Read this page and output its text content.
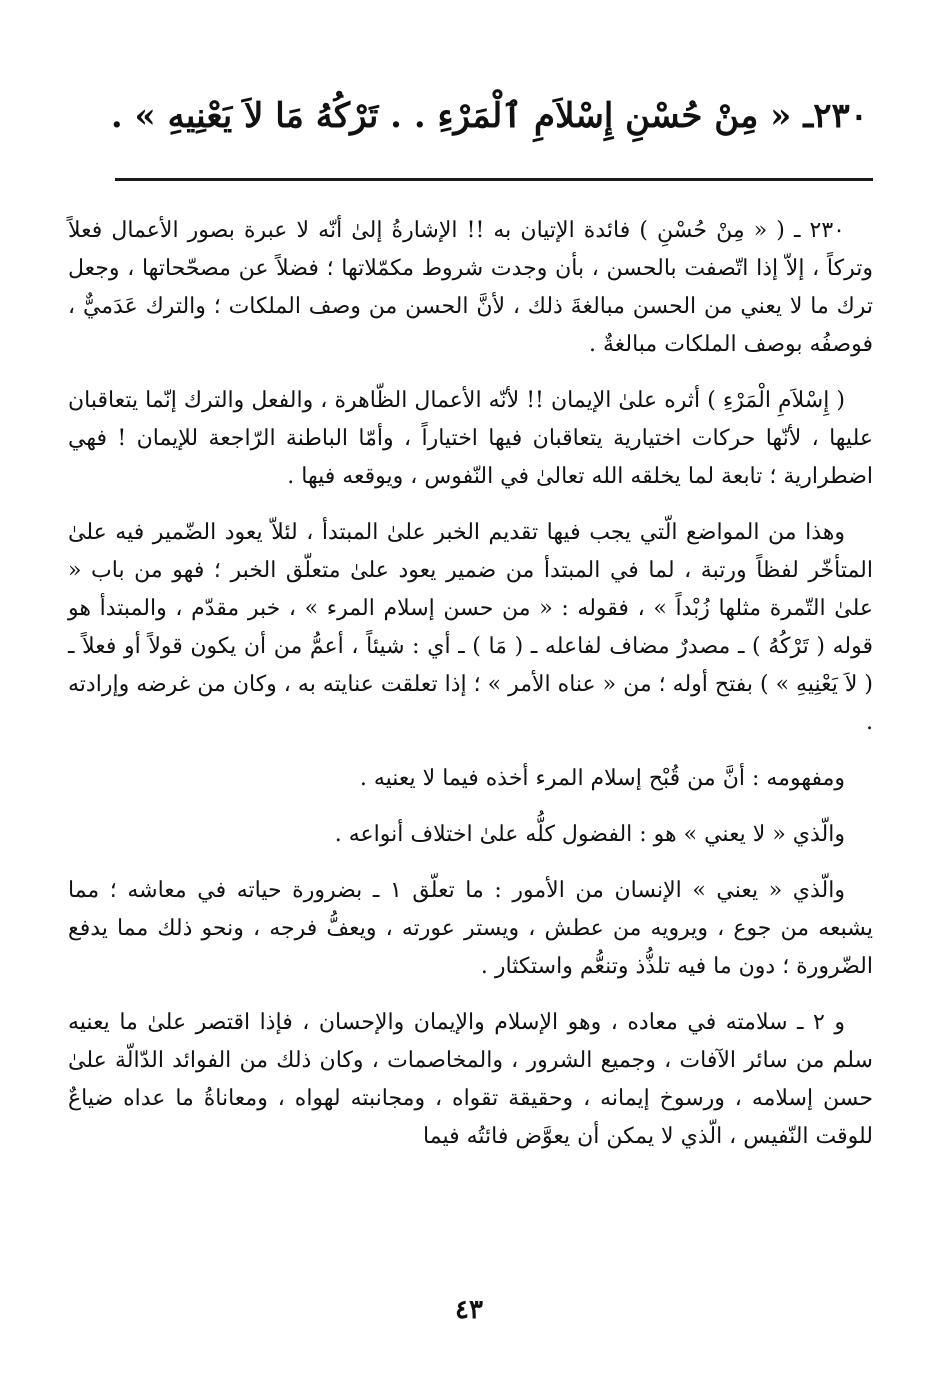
٢٣٠ـ « مِنْ حُسْنِ إِسْلاَمِ ٱلْمَرْءِ . . تَرْكُهُ مَا لاَ يَعْنِيهِ » .

٢٣٠ ـ ( « مِنْ حُسْنِ ) فائدة الإتيان به !! الإشارةُ إلىٰ أنّه لا عبرة بصور الأعمال فعلاً وتركاً ، إلاّ إذا اتّصفت بالحسن ، بأن وجدت شروط مكمّلاتها ؛ فضلاً عن مصحّحاتها ، وجعل ترك ما لا يعني من الحسن مبالغةَ ذلك ، لأنَّ الحسن من وصف الملكات ؛ والترك عَدَميٌّ ، فوصفُه بوصف الملكات مبالغةٌ .

( إِسْلاَمِ الْمَرْءِ ) أثره علىٰ الإيمان !! لأنّه الأعمال الظّاهرة ، والفعل والترك إنّما يتعاقبان عليها ، لأنّها حركات اختيارية يتعاقبان فيها اختياراً ، وأمّا الباطنة الرّاجعة للإيمان ! فهي اضطرارية ؛ تابعة لما يخلقه الله تعالىٰ في النّفوس ، ويوقعه فيها .

وهذا من المواضع الّتي يجب فيها تقديم الخبر علىٰ المبتدأ ، لئلاّ يعود الضّمير فيه علىٰ المتأخّر لفظاً ورتبة ، لما في المبتدأ من ضمير يعود علىٰ متعلّق الخبر ؛ فهو من باب « علىٰ التّمرة مثلها زُبْداً » ، فقوله : « من حسن إسلام المرء » ، خبر مقدّم ، والمبتدأ هو قوله ( تَرْكُهُ ) ـ مصدرٌ مضاف لفاعله ـ ( مَا ) ـ أي : شيئاً ، أعمُّ من أن يكون قولاً أو فعلاً ـ ( لاَ يَعْنِيهِ » ) بفتح أوله ؛ من « عناه الأمر » ؛ إذا تعلقت عنايته به ، وكان من غرضه وإرادته .

ومفهومه : أنَّ من قُبْح إسلام المرء أخذه فيما لا يعنيه .

والّذي « لا يعني » هو : الفضول كلُّه علىٰ اختلاف أنواعه .

والّذي « يعني » الإنسان من الأمور : ما تعلّق ١ ـ بضرورة حياته في معاشه ؛ مما يشبعه من جوع ، ويرويه من عطش ، ويستر عورته ، ويعفُّ فرجه ، ونحو ذلك مما يدفع الضّرورة ؛ دون ما فيه تلذُّذ وتنعُّم واستكثار .

و ٢ ـ سلامته في معاده ، وهو الإسلام والإيمان والإحسان ، فإذا اقتصر علىٰ ما يعنيه سلم من سائر الآفات ، وجميع الشرور ، والمخاصمات ، وكان ذلك من الفوائد الدّالّة علىٰ حسن إسلامه ، ورسوخ إيمانه ، وحقيقة تقواه ، ومجانبته لهواه ، ومعاناةُ ما عداه ضياعٌ للوقت النّفيس ، الّذي لا يمكن أن يعوَّض فائتُه فيما

٤٣
